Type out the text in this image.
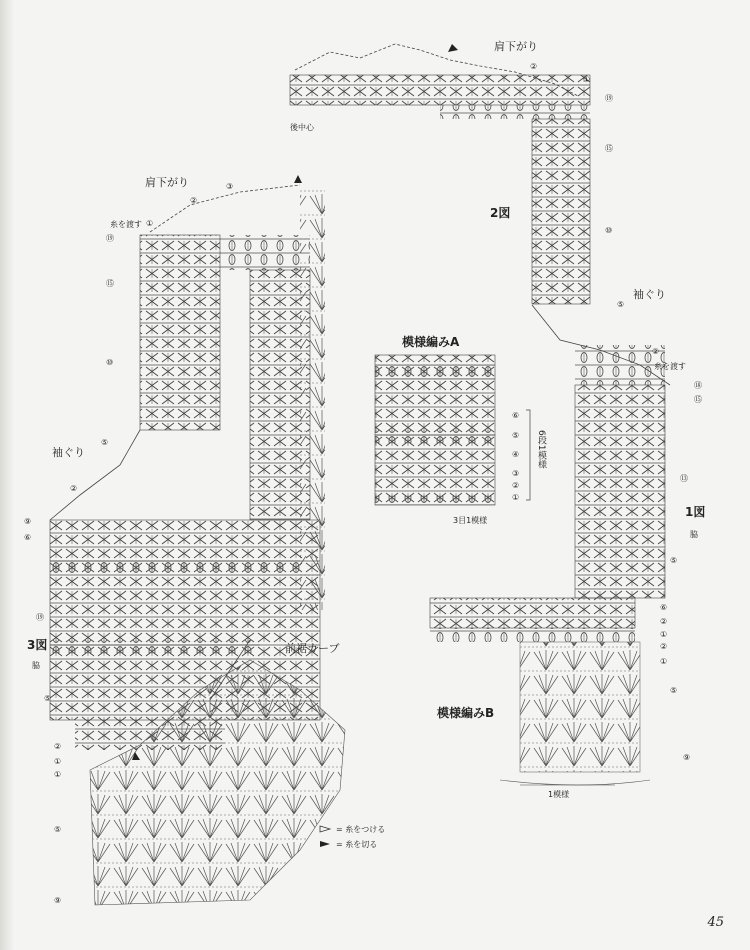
肩下がり
後中心
2図
袖ぐり
糸を渡す
②
①
⑲
⑮
⑩
⑤
②
⑱
⑮
肩下がり
糸を渡す
袖ぐり
3図
脇
前裾カーブ
③
②
①
⑲
⑮
⑩
⑤
②
⑨
⑥
⑲
⑤
②
①
①
⑤
⑨
1図
脇
⑬
⑤
⑥
②
①
①
②
⑤
⑨
模様編みA
3目1模様
6段1模様
⑥
⑤
④
③
②
①
模様編みB
1模様
= 糸をつける
= 糸を切る
45
